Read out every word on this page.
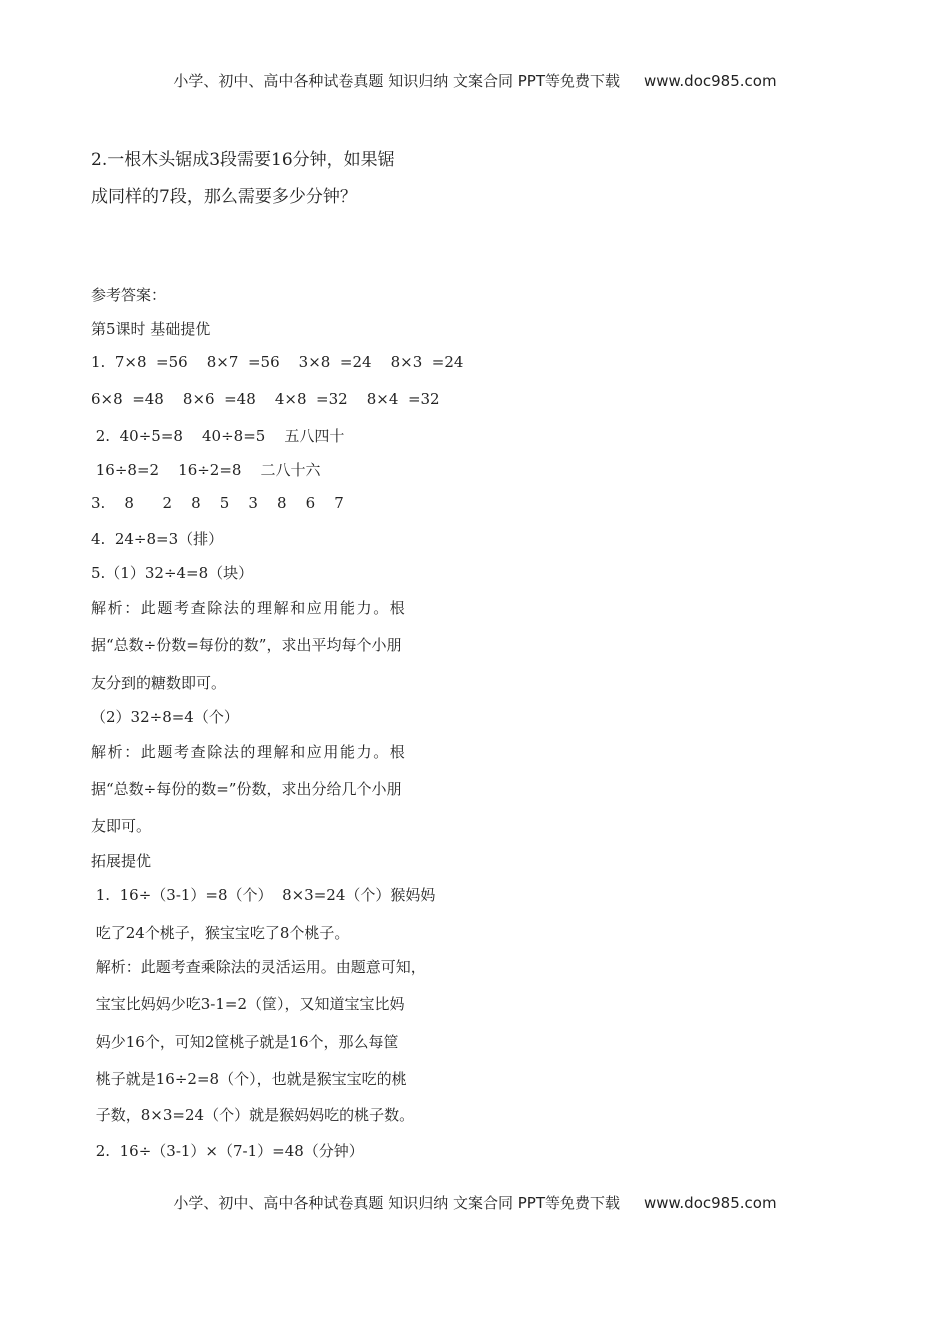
小学、初中、高中各种试卷真题 知识归纳 文案合同 PPT等免费下载 www.doc985.com
2.一根木头锯成3段需要16分钟，如果锯
成同样的7段，那么需要多少分钟？
参考答案：
第5课时 基础提优
1.  7×8  =56    8×7  =56    3×8  =24    8×3  =24
6×8  =48    8×6  =48    4×8  =32    8×4  =32
2.  40÷5=8    40÷8=5    五八四十
16÷8=2    16÷2=8    二八十六
3.    8      2    8    5    3    8    6    7
4.  24÷8=3（排）
5.（1）32÷4=8（块）
解析：此题考查除法的理解和应用能力。根
据“总数÷份数=每份的数”，求出平均每个小朋
友分到的糖数即可。
（2）32÷8=4（个）
解析：此题考查除法的理解和应用能力。根
据“总数÷每份的数=”份数，求出分给几个小朋
友即可。
拓展提优
1.  16÷（3-1）=8（个）  8×3=24（个）猴妈妈
吃了24个桃子，猴宝宝吃了8个桃子。
解析：此题考查乘除法的灵活运用。由题意可知，
宝宝比妈妈少吃3-1=2（筐），又知道宝宝比妈
妈少16个，可知2筐桃子就是16个，那么每筐
桃子就是16÷2=8（个），也就是猴宝宝吃的桃
子数，8×3=24（个）就是猴妈妈吃的桃子数。
2.  16÷（3-1）×（7-1）=48（分钟）
小学、初中、高中各种试卷真题 知识归纳 文案合同 PPT等免费下载 www.doc985.com
